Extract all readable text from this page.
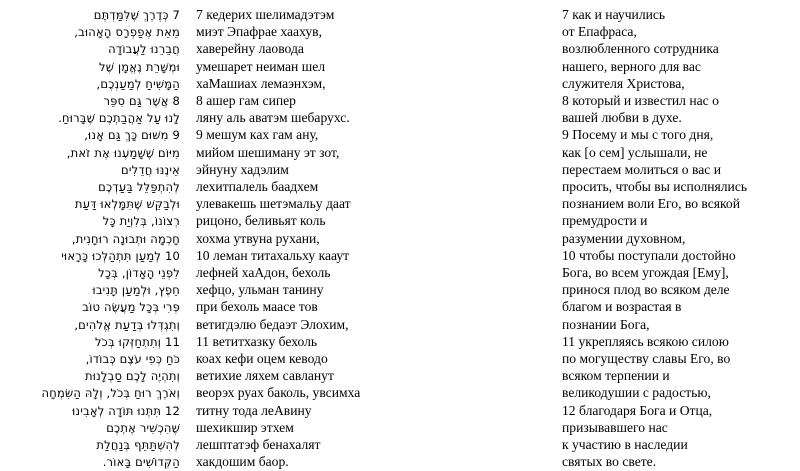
7 כְּדֶרֶךְ שֶׁלִּמַּדְתֶּם
מֵאֵת אֶפַפְרָס הָאָהוּב,
חֲבֵרֵנוּ לַעֲבוֹדָה
וּמְשָׁרֵת נֶאֱמָן שֶׁל
הַמָּשִׁיחַ לְמַעַנְכֶם,
8 אֲשֶׁר גַּם סִפֵּר
לָנוּ עַל אַהֲבַתְכֶם שֶׁבָּרוּחַ.
9 מִשּׁוּם כָּךְ גַּם אָנוּ,
מִיּוֹם שֶׁשָּׁמַעְנוּ אֶת זֹאת,
אֵינֶנּוּ חֲדֵלִים
לְהִתְפַּלֵּל בַּעַדְכֶם
וּלְבַקֵּשׁ שֶׁתִּמָּלְאוּ דַּעַת
רְצוֹנוֹ, בְּלִוְיַת כָּל
חָכְמָה וּתְבוּנָה רוּחָנִית,
10 לְמַעַן תִּתְהַלְּכוּ כָּרָאוּי
לִפְנֵי הָאָדוֹן, בְּכָל
חֵפֶץ, וּלְמַעַן תָּנִיבוּ
פְּרִי בְּכָל מַעֲשֶׂה טוֹב
וְתִגְדְּלוּ בְּדַעַת אֱלֹהִים,
11 וְתִתְחַזְּקוּ בְּכֹל
כֹּחַ כְּפִי עֹצֶם כְּבוֹדוֹ,
וְתִהְיֶה לָכֶם סַבְלָנוּת
וְאֹרֶךְ רוּחַ בְּכֹל, וְלָהּ הַשִּׂמְחָה
12 תִּתְּנוּ תּוֹדָה לְאָבִינוּ
שֶׁהִכְשִׁיר אֶתְכֶם
לְהִשְׁתַּתֵּף בְּנַחֲלַת
הַקְּדוֹשִׁים בָּאוֹר.
7 кедерих шелимадэтэм
миэт Эпафрае хаахув,
хаверейну лаовода
умешарет неиман шел
хаМашиах лемаэнхэм,
8 ашер гам сипер
ляну аль аватэм шебарухс.
9 мешум ках гам ану,
мийом шешиману эт зот,
эйнуну хадэлим
лехитпалель баадхем
улевакешь шетэмальу даат
рицоно, беливьят коль
хохма утвуна рухани,
10 леман титахальху кааут
лефней хаАдон, бехоль
хефцо, ульман танину
при бехоль маасе тов
ветигдэлю бедаэт Элохим,
11 ветитхазку бехоль
коах кефи оцем кеводо
ветихие ляхем савланут
веорэх руах баколь, увсимха
титну тода леАвину
шехикшир этхем
лешптатэф бенахалят
хакдошим баор.
7 как и научились
от Епафраса,
возлюбленного сотрудника
нашего, верного для вас
служителя Христова,
8 который и известил нас о
вашей любви в духе.
9 Посему и мы с того дня,
как [о сем] услышали, не
перестаем молиться о вас и
просить, чтобы вы исполнялись
познанием воли Его, во всякой
премудрости и
разумении духовном,
10 чтобы поступали достойно
Бога, во всем угождая [Ему],
принося плод во всяком деле
благом и возрастая в
познании Бога,
11 укрепляясь всякою силою
по могуществу славы Его, во
всяком терпении и
великодушии с радостью,
12 благодаря Бога и Отца,
призывавшего нас
к участию в наследии
святых во свете.
